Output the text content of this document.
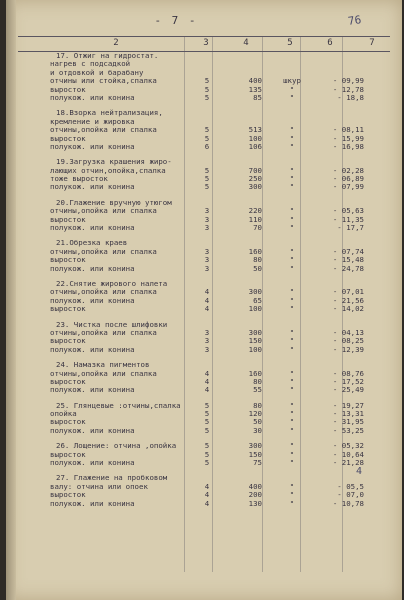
- 7 -	76
4
2	3	4	5	6	7
17. Отжиг на гидростат.
нагрев с подсадкой
и отдовкой и барабану
отчины или стойка,спалка	5	400	шкур	- 09,99
выросток	5	135	"	- 12,78
полукож. или конина	5	85	"	- 18,8
18.Взорка нейтрализация,
кремление и жировка
отчины,опойка или спалка	5	513	"	- 08,11
выросток	5	100	"	- 15,99
полукож. или конина	6	106	"	- 16,98
19.Загрузка крашения жиро-
лающих отчин,опойка,спалка	5	700	"	- 02,28
тоже выросток	5	250	"	- 06,89
полукож. или конина	5	300	"	- 07,99
20.Глажение вручную утюгом
отчины,опойка или спалка	3	220	"	- 05,63
выросток	3	110	"	- 11,35
полукож. или конина	3	70	"	- 17,7
21.Обрезка краев
отчины,опойка или спалка	3	160	"	- 07,74
выросток	3	80	"	- 15,48
полукож. или конина	3	50	"	- 24,78
22.Снятие жирового налета
отчины,опойка или спалка	4	300	"	- 07,01
полукож. или конина	4	65	"	- 21,56
выросток	4	100	"	- 14,02
23. Чистка после шлифовки
отчины,опойка или спалка	3	300	"	- 04,13
выросток	3	150	"	- 08,25
полукож. или конина	3	100	"	- 12,39
24. Намазка пигментов
отчины,опойка или спалка	4	160	"	- 08,76
выросток	4	80	"	- 17,52
полукож. или конина	4	55	"	- 25,49
25. Глянцевые :отчины,спалка	5	80	"	- 19,27
опойка	5	120	"	- 13,31
выросток	5	50	"	- 31,95
полукож. или конина	5	30	"	- 53,25
26. Лощение: отчина ,опойка	5	300	"	- 05,32
выросток	5	150	"	- 10,64
полукож. или конина	5	75	"	- 21,28
27. Глажение на пробковом
валу: отчина или опоек	4	400	"	- 05,5
выросток	4	200	"	- 07,0
полукож. или конина	4	130	"	- 10,78
